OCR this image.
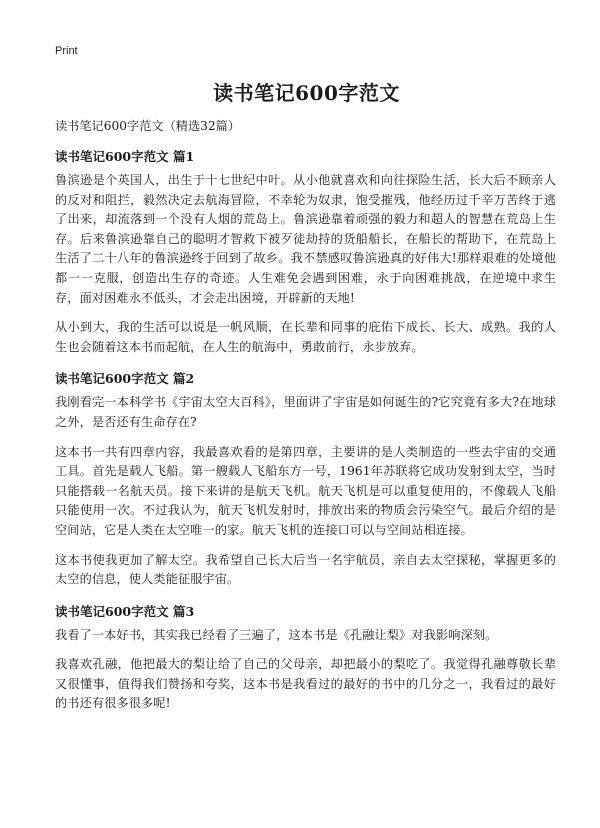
Print
读书笔记600字范文
读书笔记600字范文（精选32篇）
读书笔记600字范文 篇1

鲁滨逊是个英国人，出生于十七世纪中叶。从小他就喜欢和向往探险生活，长大后不顾亲人的反对和阻拦，毅然决定去航海冒险，不幸轮为奴隶，饱受摧残，他经历过千辛万苦终于逃了出来，却流落到一个没有人烟的荒岛上。鲁滨逊靠着顽强的毅力和超人的智慧在荒岛上生存。后来鲁滨逊靠自己的聪明才智救下被歹徒劫持的货船船长，在船长的帮助下，在荒岛上生活了二十八年的鲁滨逊终于回到了故乡。我不禁感叹鲁滨逊真的好伟大!那样艰难的处境他都一一克服，创造出生存的奇迹。人生难免会遇到困难，永于向困难挑战，在逆境中求生存，面对困难永不低头，才会走出困境，开辟新的天地!

从小到大，我的生活可以说是一帆风顺，在长辈和同事的庇佑下成长、长大、成熟。我的人生也会随着这本书而起航，在人生的航海中，勇敢前行，永步放弃。

读书笔记600字范文 篇2

我刚看完一本科学书《宇宙太空大百科》，里面讲了宇宙是如何诞生的?它究竟有多大?在地球之外，是否还有生命存在?

这本书一共有四章内容，我最喜欢看的是第四章，主要讲的是人类制造的一些去宇宙的交通工具。首先是载人飞船。第一艘载人飞船东方一号，1961年苏联将它成功发射到太空，当时只能搭载一名航天员。接下来讲的是航天飞机。航天飞机是可以重复使用的，不像载人飞船只能使用一次。不过我认为，航天飞机发射时，排放出来的物质会污染空气。最后介绍的是空间站，它是人类在太空唯一的家。航天飞机的连接口可以与空间站相连接。

这本书使我更加了解太空。我希望自己长大后当一名宇航员，亲自去太空探秘，掌握更多的太空的信息，使人类能征服宇宙。

读书笔记600字范文 篇3

我看了一本好书，其实我已经看了三遍了，这本书是《孔融让梨》对我影响深刻。

我喜欢孔融，他把最大的梨让给了自己的父母亲，却把最小的梨吃了。我觉得孔融尊敬长辈又很懂事，值得我们赞扬和夸奖，这本书是我看过的最好的书中的几分之一，我看过的最好的书还有很多很多呢!
